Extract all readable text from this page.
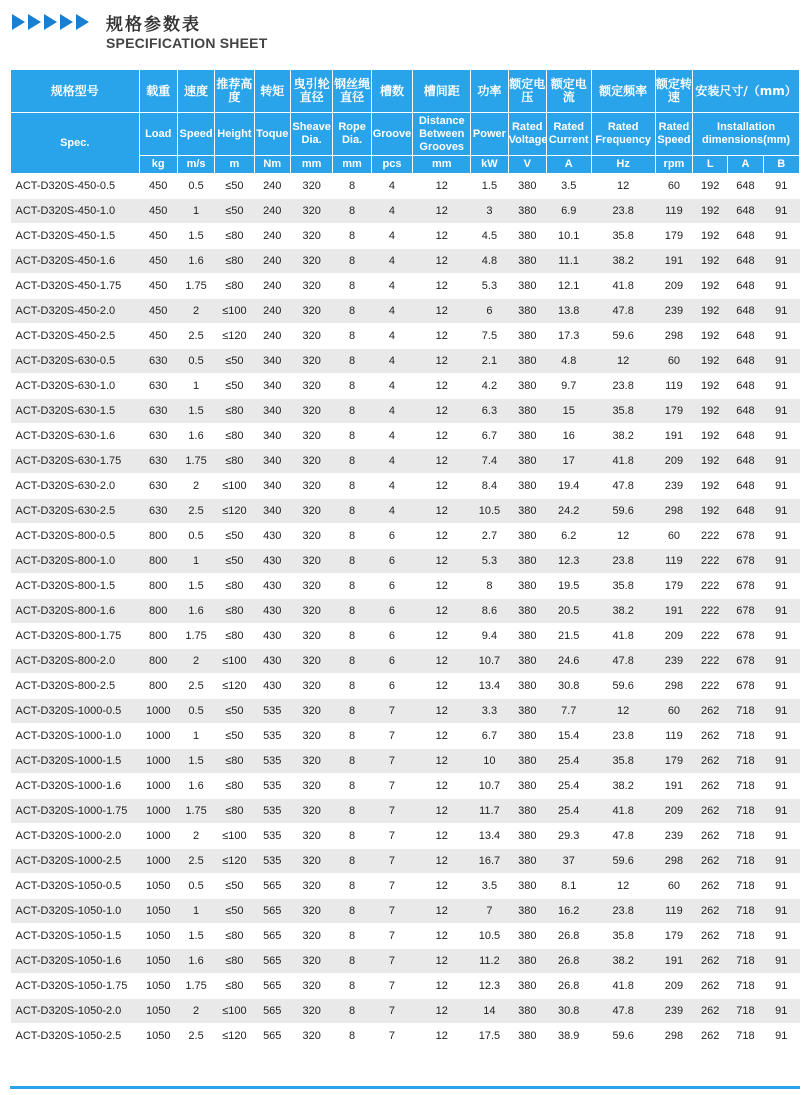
规格参数表
SPECIFICATION SHEET
规格型号	载重	速度	推荐高度	转矩	曳引轮直径	钢丝绳直径	槽数	槽间距	功率	额定电压	额定电流	额定频率	额定转速	安装尺寸/（mm）		
Spec.	Load	Speed	Height	Toque	Sheave Dia.	Rope Dia.	Groove	Distance Between Grooves	Power	Rated Voltage	Rated Current	Rated Frequency	Rated Speed	Installation dimensions(mm)		
	kg	m/s	m	Nm	mm	mm	pcs	mm	kW	V	A	Hz	rpm	L	A	B
ACT-D320S-450-0.5	450	0.5	≤50	240	320	8	4	12	1.5	380	3.5	12	60	192	648	91
ACT-D320S-450-1.0	450	1	≤50	240	320	8	4	12	3	380	6.9	23.8	119	192	648	91
ACT-D320S-450-1.5	450	1.5	≤80	240	320	8	4	12	4.5	380	10.1	35.8	179	192	648	91
ACT-D320S-450-1.6	450	1.6	≤80	240	320	8	4	12	4.8	380	11.1	38.2	191	192	648	91
ACT-D320S-450-1.75	450	1.75	≤80	240	320	8	4	12	5.3	380	12.1	41.8	209	192	648	91
ACT-D320S-450-2.0	450	2	≤100	240	320	8	4	12	6	380	13.8	47.8	239	192	648	91
ACT-D320S-450-2.5	450	2.5	≤120	240	320	8	4	12	7.5	380	17.3	59.6	298	192	648	91
ACT-D320S-630-0.5	630	0.5	≤50	340	320	8	4	12	2.1	380	4.8	12	60	192	648	91
ACT-D320S-630-1.0	630	1	≤50	340	320	8	4	12	4.2	380	9.7	23.8	119	192	648	91
ACT-D320S-630-1.5	630	1.5	≤80	340	320	8	4	12	6.3	380	15	35.8	179	192	648	91
ACT-D320S-630-1.6	630	1.6	≤80	340	320	8	4	12	6.7	380	16	38.2	191	192	648	91
ACT-D320S-630-1.75	630	1.75	≤80	340	320	8	4	12	7.4	380	17	41.8	209	192	648	91
ACT-D320S-630-2.0	630	2	≤100	340	320	8	4	12	8.4	380	19.4	47.8	239	192	648	91
ACT-D320S-630-2.5	630	2.5	≤120	340	320	8	4	12	10.5	380	24.2	59.6	298	192	648	91
ACT-D320S-800-0.5	800	0.5	≤50	430	320	8	6	12	2.7	380	6.2	12	60	222	678	91
ACT-D320S-800-1.0	800	1	≤50	430	320	8	6	12	5.3	380	12.3	23.8	119	222	678	91
ACT-D320S-800-1.5	800	1.5	≤80	430	320	8	6	12	8	380	19.5	35.8	179	222	678	91
ACT-D320S-800-1.6	800	1.6	≤80	430	320	8	6	12	8.6	380	20.5	38.2	191	222	678	91
ACT-D320S-800-1.75	800	1.75	≤80	430	320	8	6	12	9.4	380	21.5	41.8	209	222	678	91
ACT-D320S-800-2.0	800	2	≤100	430	320	8	6	12	10.7	380	24.6	47.8	239	222	678	91
ACT-D320S-800-2.5	800	2.5	≤120	430	320	8	6	12	13.4	380	30.8	59.6	298	222	678	91
ACT-D320S-1000-0.5	1000	0.5	≤50	535	320	8	7	12	3.3	380	7.7	12	60	262	718	91
ACT-D320S-1000-1.0	1000	1	≤50	535	320	8	7	12	6.7	380	15.4	23.8	119	262	718	91
ACT-D320S-1000-1.5	1000	1.5	≤80	535	320	8	7	12	10	380	25.4	35.8	179	262	718	91
ACT-D320S-1000-1.6	1000	1.6	≤80	535	320	8	7	12	10.7	380	25.4	38.2	191	262	718	91
ACT-D320S-1000-1.75	1000	1.75	≤80	535	320	8	7	12	11.7	380	25.4	41.8	209	262	718	91
ACT-D320S-1000-2.0	1000	2	≤100	535	320	8	7	12	13.4	380	29.3	47.8	239	262	718	91
ACT-D320S-1000-2.5	1000	2.5	≤120	535	320	8	7	12	16.7	380	37	59.6	298	262	718	91
ACT-D320S-1050-0.5	1050	0.5	≤50	565	320	8	7	12	3.5	380	8.1	12	60	262	718	91
ACT-D320S-1050-1.0	1050	1	≤50	565	320	8	7	12	7	380	16.2	23.8	119	262	718	91
ACT-D320S-1050-1.5	1050	1.5	≤80	565	320	8	7	12	10.5	380	26.8	35.8	179	262	718	91
ACT-D320S-1050-1.6	1050	1.6	≤80	565	320	8	7	12	11.2	380	26.8	38.2	191	262	718	91
ACT-D320S-1050-1.75	1050	1.75	≤80	565	320	8	7	12	12.3	380	26.8	41.8	209	262	718	91
ACT-D320S-1050-2.0	1050	2	≤100	565	320	8	7	12	14	380	30.8	47.8	239	262	718	91
ACT-D320S-1050-2.5	1050	2.5	≤120	565	320	8	7	12	17.5	380	38.9	59.6	298	262	718	91
